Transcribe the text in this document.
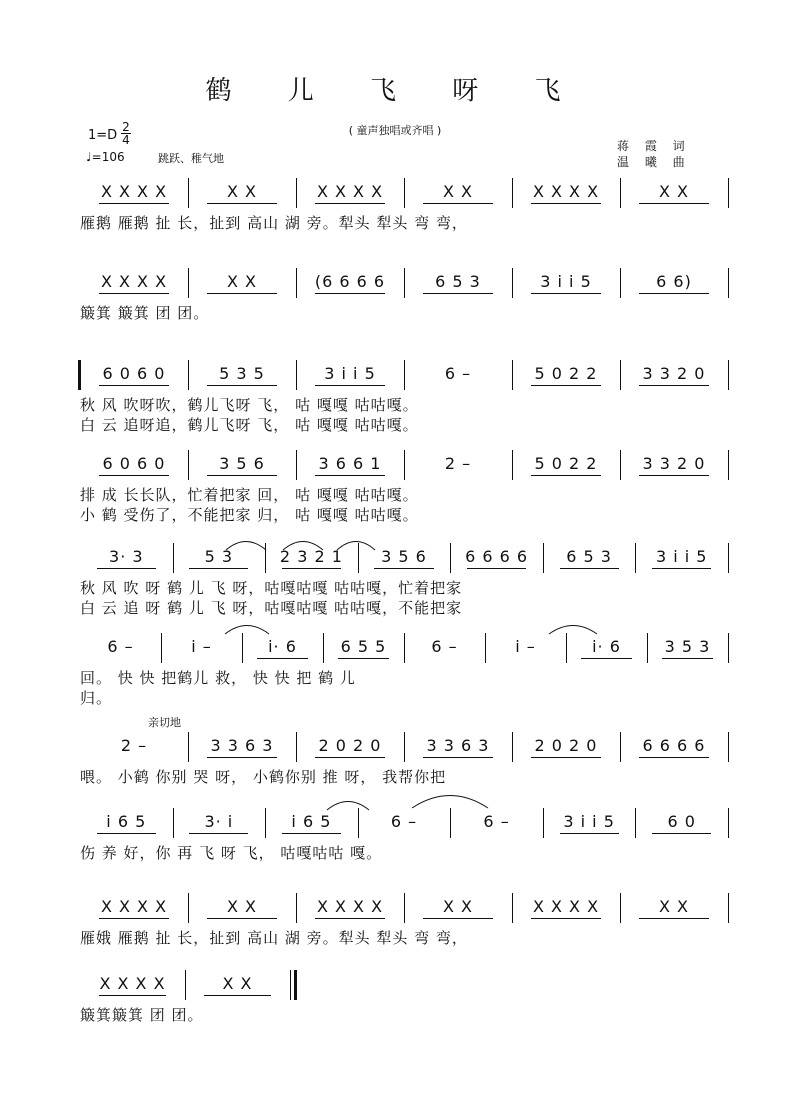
鹤 儿 飞 呀 飞
( 童声独唱或齐唱 )
1=D
2
4
♩=106	跳跃、稚气地
蒋 霞 词
温 曦 曲
亲切地
X X X X	X X	X X X X	X X	X X X X	X X
雁鹅 雁鹅 扯 长，扯到 高山 湖 旁。犁头 犁头 弯 弯，
X X X X	X X	(6 6 6 6	6 5 3	3 i i 5	6 6)
簸箕 簸箕 团 团。
6 0 6 0	5 3 5	3 i i 5	6 –	5 0 2 2	3 3 2 0
秋 风 吹呀吹，鹤儿飞呀 飞， 咕 嘎嘎 咕咕嘎。
白 云 追呀追，鹤儿飞呀 飞， 咕 嘎嘎 咕咕嘎。
6 0 6 0	3 5 6	3 6 6 1	2 –	5 0 2 2	3 3 2 0
排 成 长长队，忙着把家 回， 咕 嘎嘎 咕咕嘎。
小 鹤 受伤了，不能把家 归， 咕 嘎嘎 咕咕嘎。
3· 3	5 3	2 3 2 1	3 5 6	6 6 6 6	6 5 3	3 i i 5
秋 风 吹 呀 鹤 儿 飞 呀，咕嘎咕嘎 咕咕嘎，忙着把家
白 云 追 呀 鹤 儿 飞 呀，咕嘎咕嘎 咕咕嘎，不能把家
6 –	i –	i· 6	6 5 5	6 –	i –	i· 6	3 5 3
回。 快 快 把鹤儿 救， 快 快 把 鹤 儿
归。
2 –	3 3 6 3	2 0 2 0	3 3 6 3	2 0 2 0	6 6 6 6
喂。 小鹤 你别 哭 呀， 小鹤你别 推 呀， 我帮你把
i 6 5	3· i	i 6 5	6 –	6 –	3 i i 5	6 0
伤 养 好，你 再 飞 呀 飞， 咕嘎咕咕 嘎。
X X X X	X X	X X X X	X X	X X X X	X X
雁娥 雁鹅 扯 长，扯到 高山 湖 旁。犁头 犁头 弯 弯，
X X X X	X X
簸箕簸箕 团 团。
